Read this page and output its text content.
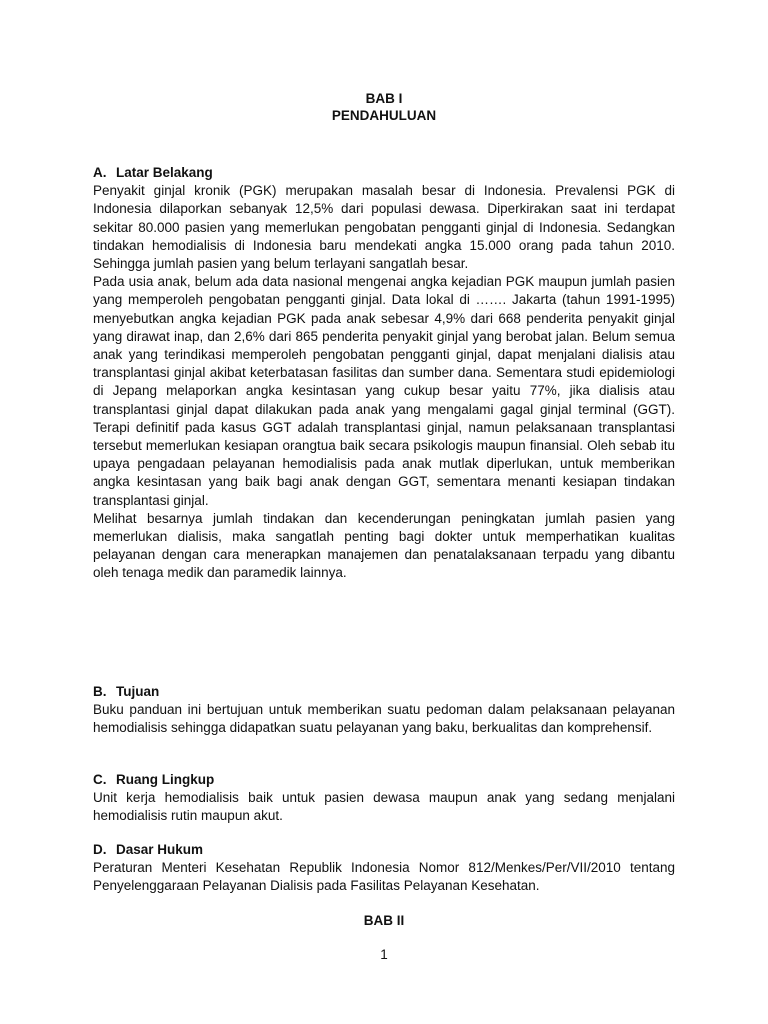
BAB I
PENDAHULUAN
A. Latar Belakang

Penyakit ginjal kronik (PGK) merupakan masalah besar di Indonesia. Prevalensi PGK di Indonesia dilaporkan sebanyak 12,5% dari populasi dewasa. Diperkirakan saat ini terdapat sekitar 80.000 pasien yang memerlukan pengobatan pengganti ginjal di Indonesia. Sedangkan tindakan hemodialisis di Indonesia baru mendekati angka 15.000 orang pada tahun 2010. Sehingga jumlah pasien yang belum terlayani sangatlah besar.

Pada usia anak, belum ada data nasional mengenai angka kejadian PGK maupun jumlah pasien yang memperoleh pengobatan pengganti ginjal. Data lokal di ……. Jakarta (tahun 1991-1995) menyebutkan angka kejadian PGK pada anak sebesar 4,9% dari 668 penderita penyakit ginjal yang dirawat inap, dan 2,6% dari 865 penderita penyakit ginjal yang berobat jalan. Belum semua anak yang terindikasi memperoleh pengobatan pengganti ginjal, dapat menjalani dialisis atau transplantasi ginjal akibat keterbatasan fasilitas dan sumber dana. Sementara studi epidemiologi di Jepang melaporkan angka kesintasan yang cukup besar yaitu 77%, jika dialisis atau transplantasi ginjal dapat dilakukan pada anak yang mengalami gagal ginjal terminal (GGT). Terapi definitif pada kasus GGT adalah transplantasi ginjal, namun pelaksanaan transplantasi tersebut memerlukan kesiapan orangtua baik secara psikologis maupun finansial. Oleh sebab itu upaya pengadaan pelayanan hemodialisis pada anak mutlak diperlukan, untuk memberikan angka kesintasan yang baik bagi anak dengan GGT, sementara menanti kesiapan tindakan transplantasi ginjal.

Melihat besarnya jumlah tindakan dan kecenderungan peningkatan jumlah pasien yang memerlukan dialisis, maka sangatlah penting bagi dokter untuk memperhatikan kualitas pelayanan dengan cara menerapkan manajemen dan penatalaksanaan terpadu yang dibantu oleh tenaga medik dan paramedik lainnya.

B. Tujuan

Buku panduan ini bertujuan untuk memberikan suatu pedoman dalam pelaksanaan pelayanan hemodialisis sehingga didapatkan suatu pelayanan yang baku, berkualitas dan komprehensif.

C. Ruang Lingkup

Unit kerja hemodialisis baik untuk pasien dewasa maupun anak yang sedang menjalani hemodialisis rutin maupun akut.

D. Dasar Hukum

Peraturan Menteri Kesehatan Republik Indonesia Nomor 812/Menkes/Per/VII/2010 tentang Penyelenggaraan Pelayanan Dialisis pada Fasilitas Pelayanan Kesehatan.

BAB II
1
